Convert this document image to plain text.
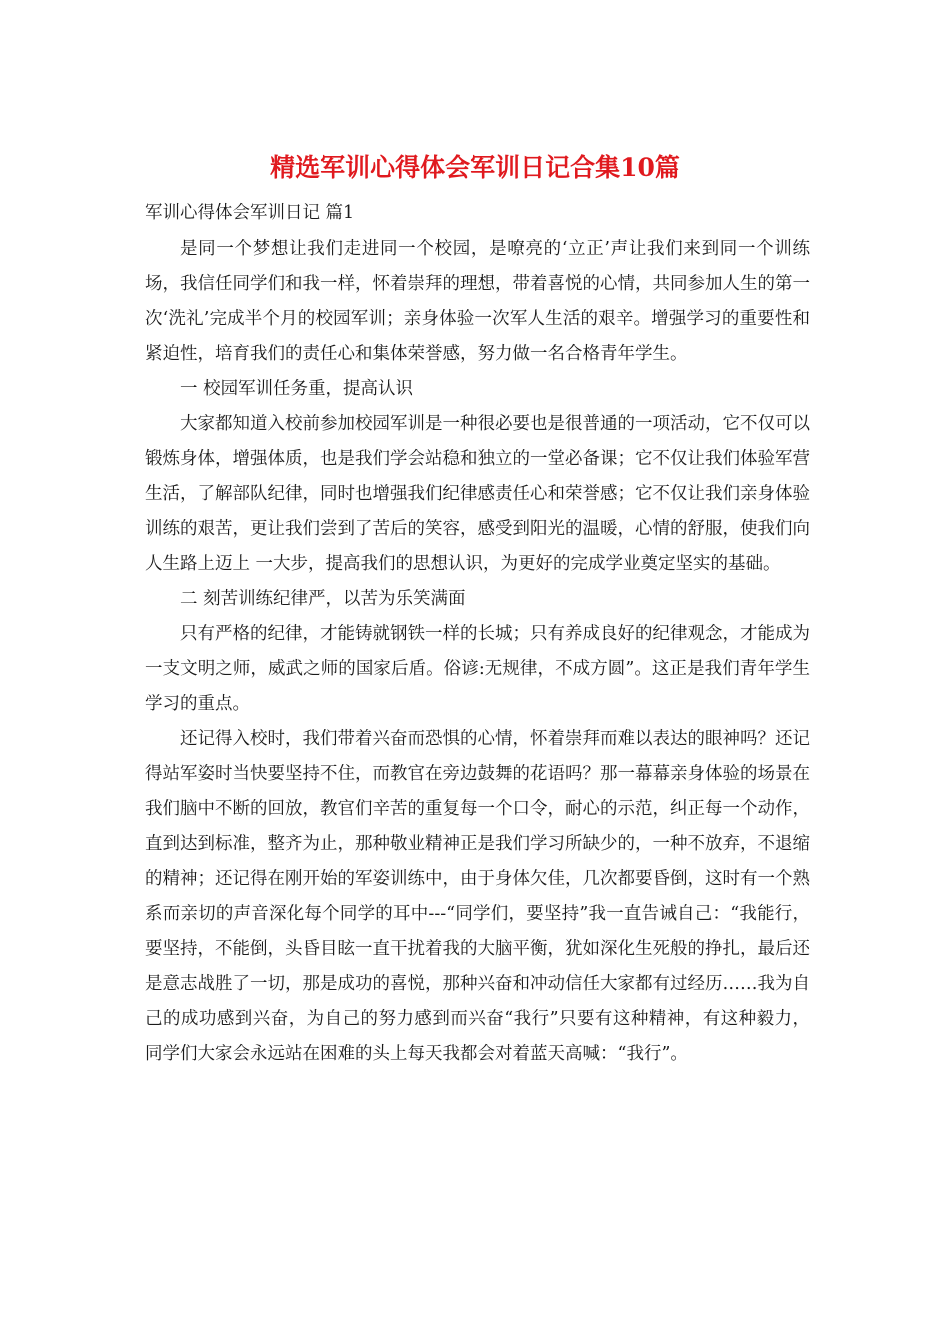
精选军训心得体会军训日记合集10篇

军训心得体会军训日记 篇1

是同一个梦想让我们走进同一个校园，是嘹亮的‘立正’声让我们来到同一个训练场，我信任同学们和我一样，怀着崇拜的理想，带着喜悦的心情，共同参加人生的第一次‘洗礼’完成半个月的校园军训；亲身体验一次军人生活的艰辛。增强学习的重要性和紧迫性，培育我们的责任心和集体荣誉感，努力做一名合格青年学生。

一 校园军训任务重，提高认识

大家都知道入校前参加校园军训是一种很必要也是很普通的一项活动，它不仅可以锻炼身体，增强体质，也是我们学会站稳和独立的一堂必备课；它不仅让我们体验军营生活，了解部队纪律，同时也增强我们纪律感责任心和荣誉感；它不仅让我们亲身体验训练的艰苦，更让我们尝到了苦后的笑容，感受到阳光的温暖，心情的舒服，使我们向人生路上迈上 一大步，提高我们的思想认识，为更好的完成学业奠定坚实的基础。

二 刻苦训练纪律严，以苦为乐笑满面

只有严格的纪律，才能铸就钢铁一样的长城；只有养成良好的纪律观念，才能成为一支文明之师，威武之师的国家后盾。俗谚:无规律，不成方圆”。这正是我们青年学生学习的重点。

还记得入校时，我们带着兴奋而恐惧的心情，怀着崇拜而难以表达的眼神吗？还记得站军姿时当快要坚持不住，而教官在旁边鼓舞的花语吗？那一幕幕亲身体验的场景在我们脑中不断的回放，教官们辛苦的重复每一个口令，耐心的示范，纠正每一个动作，直到达到标准，整齐为止，那种敬业精神正是我们学习所缺少的，一种不放弃，不退缩的精神；还记得在刚开始的军姿训练中，由于身体欠佳，几次都要昏倒，这时有一个熟系而亲切的声音深化每个同学的耳中---“同学们，要坚持”我一直告诫自己：“我能行，要坚持，不能倒，头昏目眩一直干扰着我的大脑平衡，犹如深化生死般的挣扎，最后还是意志战胜了一切，那是成功的喜悦，那种兴奋和冲动信任大家都有过经历……我为自己的成功感到兴奋，为自己的努力感到而兴奋“我行”只要有这种精神，有这种毅力，同学们大家会永远站在困难的头上每天我都会对着蓝天高喊：“我行”。
